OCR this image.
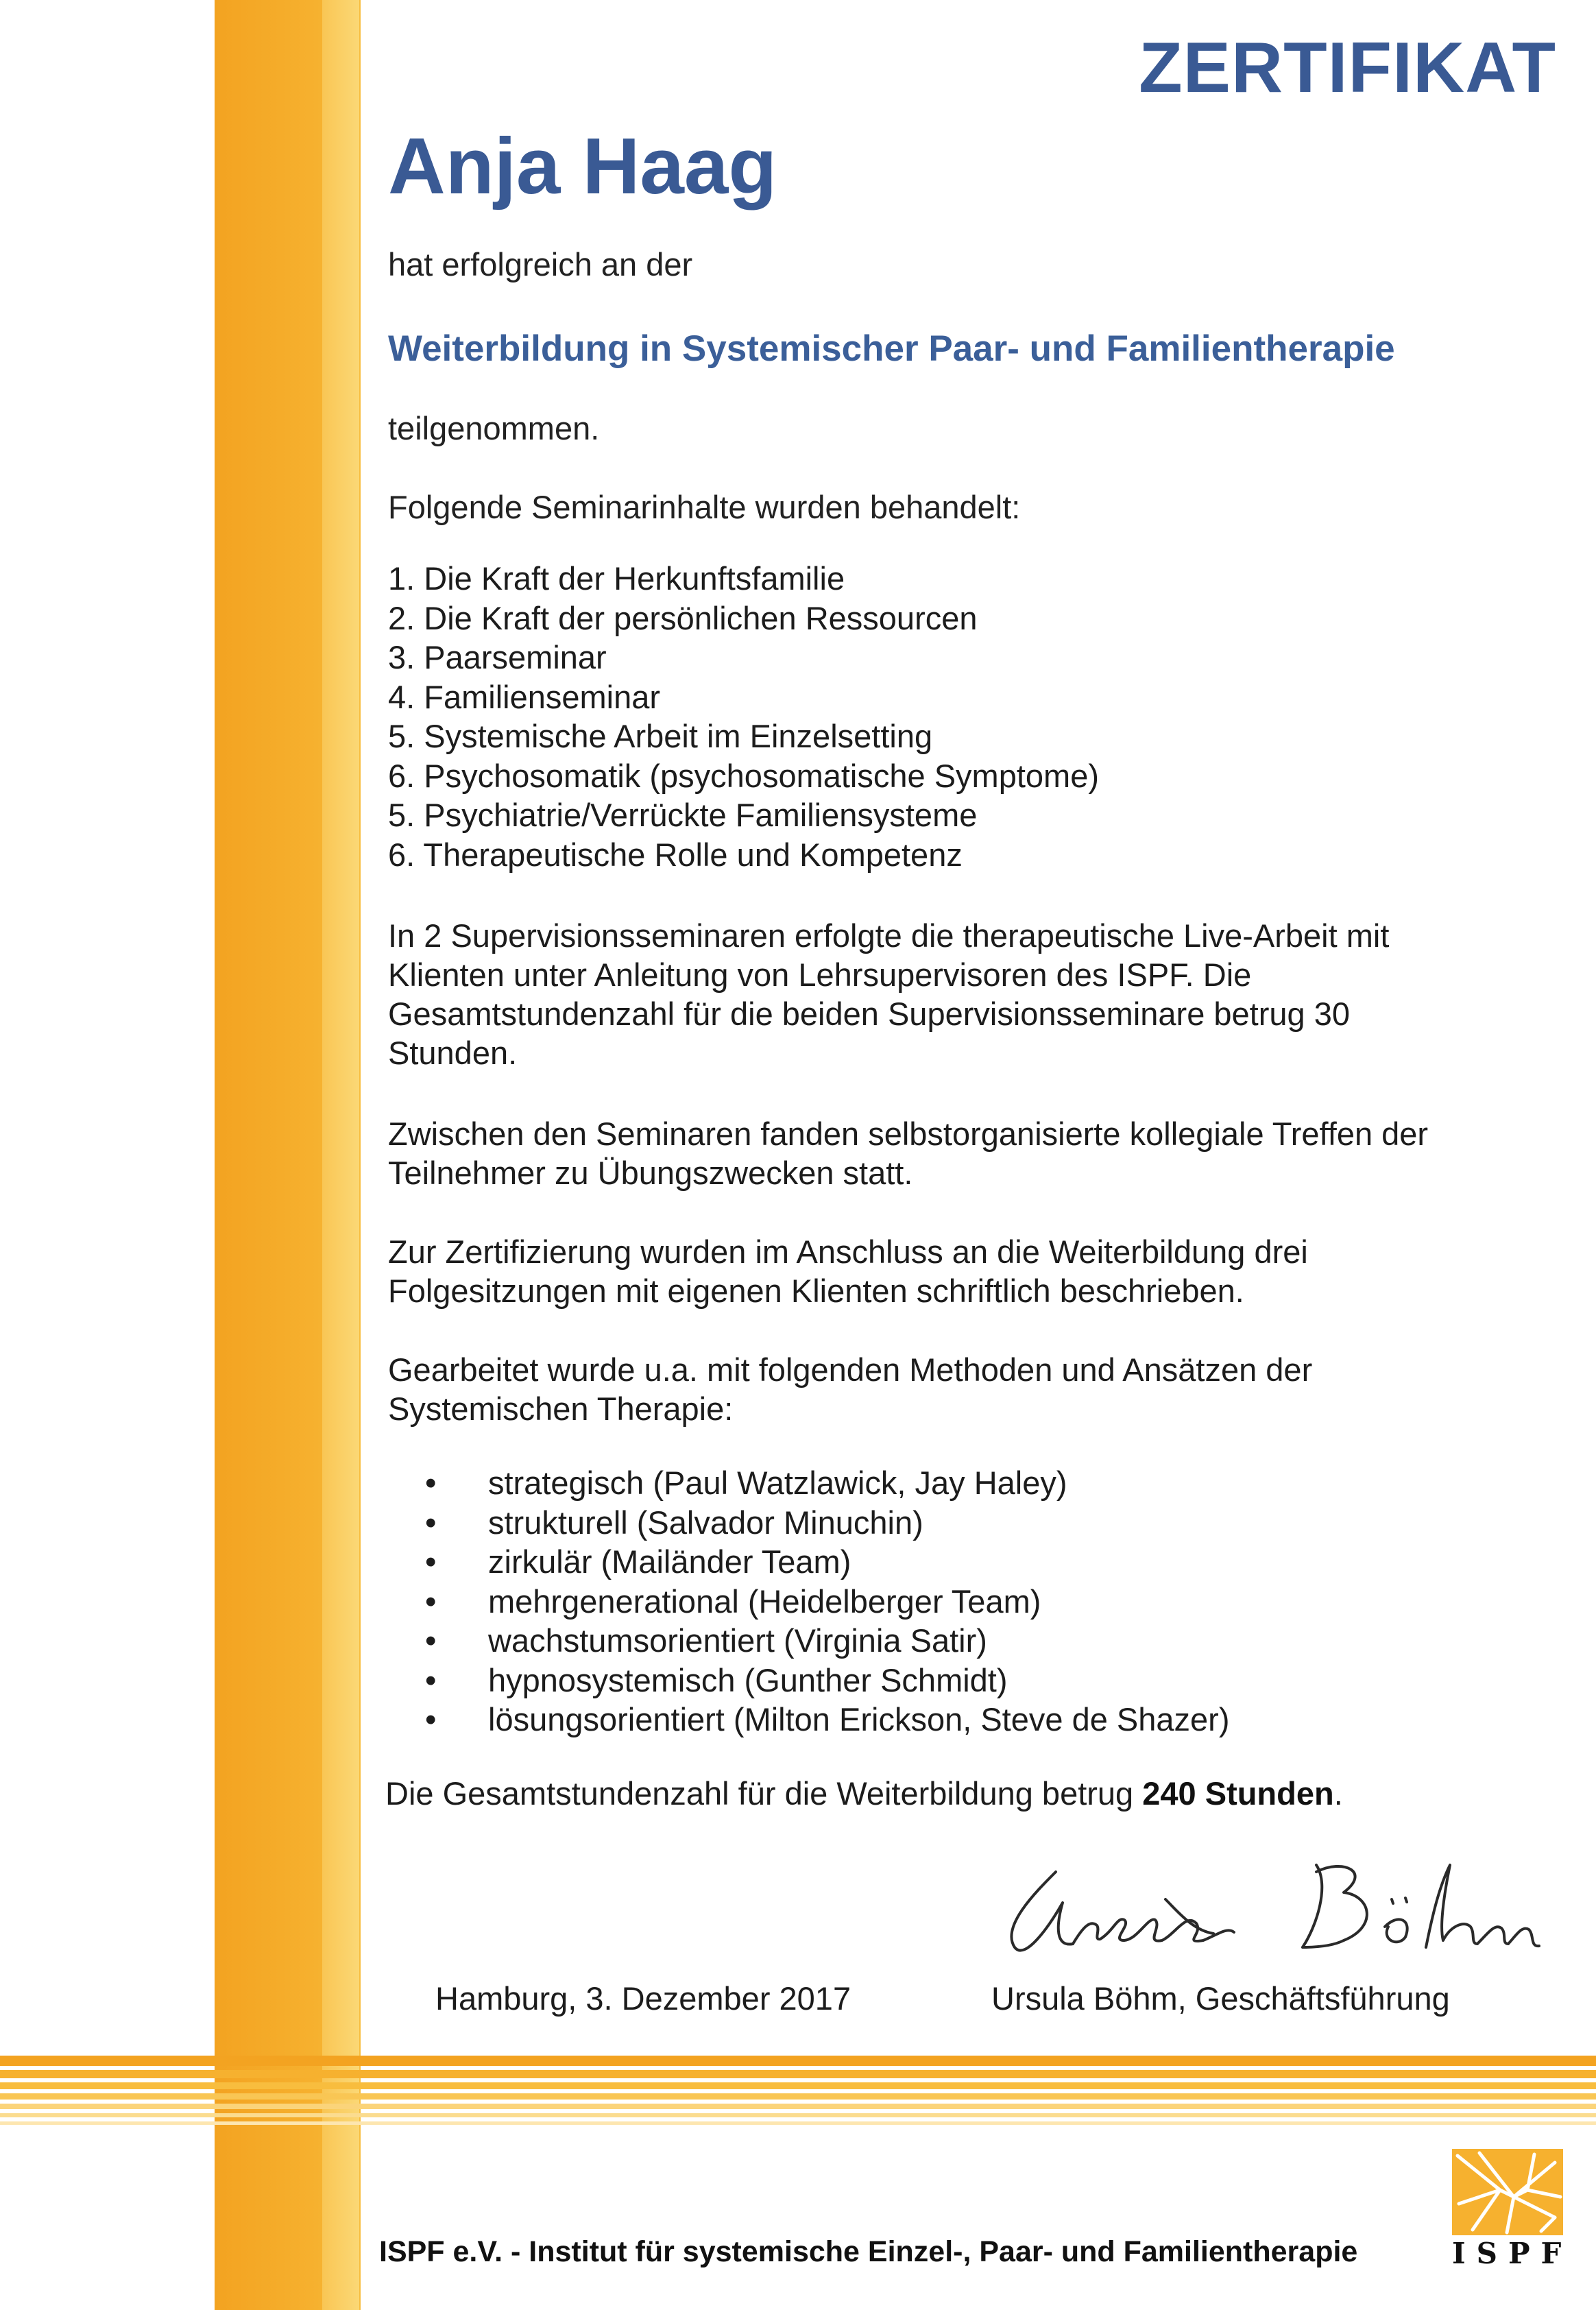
ZERTIFIKAT
Anja Haag
hat erfolgreich an der
Weiterbildung in Systemischer Paar- und Familientherapie
teilgenommen.
Folgende Seminarinhalte wurden behandelt:
1. Die Kraft der Herkunftsfamilie
2. Die Kraft der persönlichen Ressourcen
3. Paarseminar
4. Familienseminar
5. Systemische Arbeit im Einzelsetting
6. Psychosomatik (psychosomatische Symptome)
5. Psychiatrie/Verrückte Familiensysteme
6. Therapeutische Rolle und Kompetenz
In 2 Supervisionsseminaren erfolgte die therapeutische Live-Arbeit mit
Klienten unter Anleitung von Lehrsupervisoren des ISPF. Die
Gesamtstundenzahl für die beiden Supervisionsseminare betrug 30
Stunden.
Zwischen den Seminaren fanden selbstorganisierte kollegiale Treffen der
Teilnehmer zu Übungszwecken statt.
Zur Zertifizierung wurden im Anschluss an die Weiterbildung drei
Folgesitzungen mit eigenen Klienten schriftlich beschrieben.
Gearbeitet wurde u.a. mit folgenden Methoden und Ansätzen der
Systemischen Therapie:
•	strategisch (Paul Watzlawick, Jay Haley)
•	strukturell (Salvador Minuchin)
•	zirkulär (Mailänder Team)
•	mehrgenerational (Heidelberger Team)
•	wachstumsorientiert (Virginia Satir)
•	hypnosystemisch (Gunther Schmidt)
•	lösungsorientiert (Milton Erickson, Steve de Shazer)
Die Gesamtstundenzahl für die Weiterbildung betrug 240 Stunden.
Hamburg, 3. Dezember 2017	Ursula Böhm, Geschäftsführung
ISPF e.V. - Institut für systemische Einzel-, Paar- und Familientherapie	ISPF
